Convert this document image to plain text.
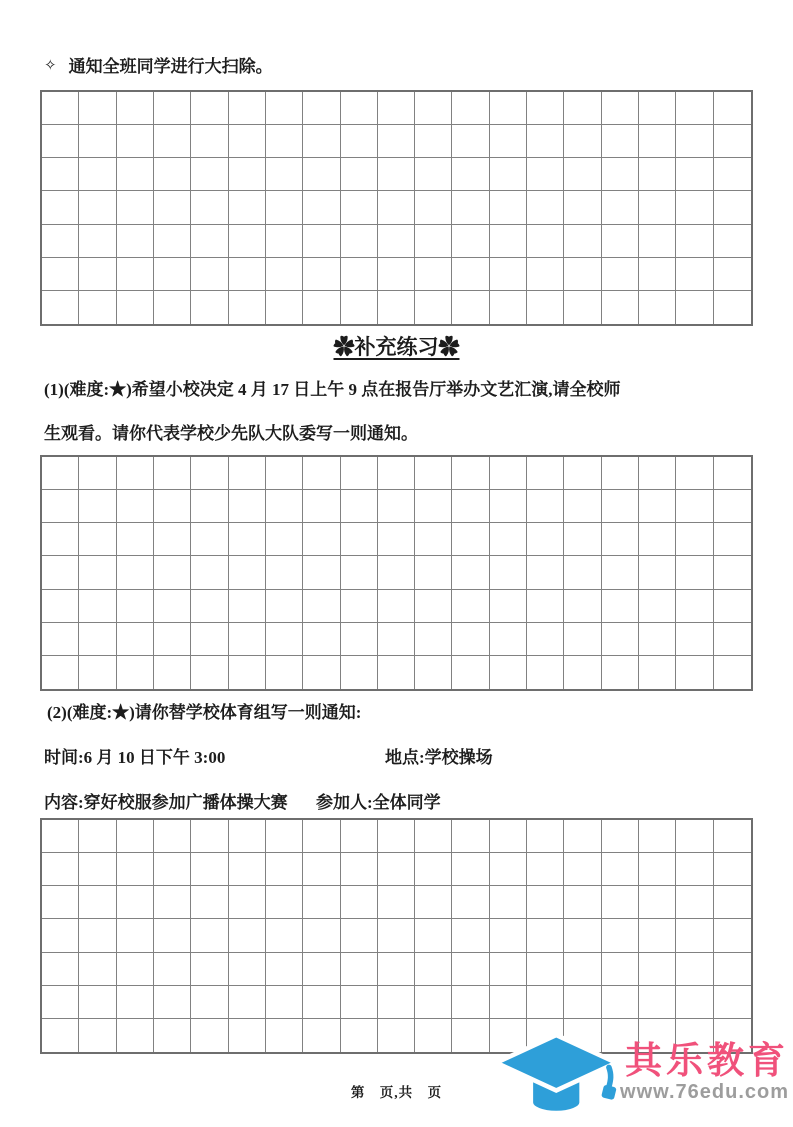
✧ 通知全班同学进行大扫除。
✿补充练习✿
(1)(难度:★)希望小校决定 4 月 17 日上午 9 点在报告厅举办文艺汇演,请全校师
生观看。请你代表学校少先队大队委写一则通知。
(2)(难度:★)请你替学校体育组写一则通知:
时间:6 月 10 日下午 3:00	地点:学校操场
内容:穿好校服参加广播体操大赛 参加人:全体同学
第　页,共　页
其乐教育
www.76edu.com
